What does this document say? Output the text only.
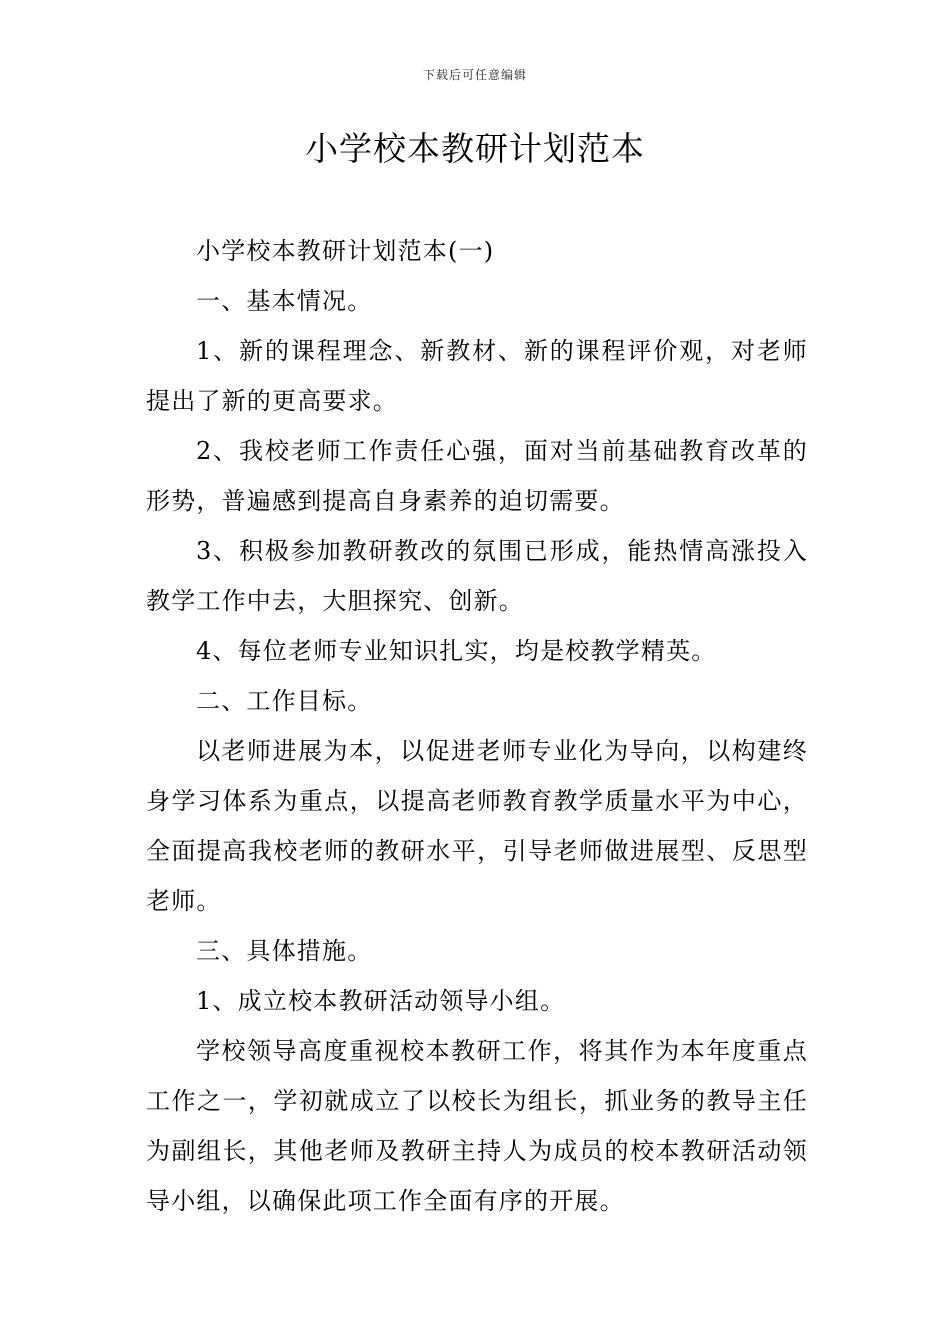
下载后可任意编辑
小学校本教研计划范本

小学校本教研计划范本(一)

一、基本情况。

1、新的课程理念、新教材、新的课程评价观，对老师提出了新的更高要求。

2、我校老师工作责任心强，面对当前基础教育改革的形势，普遍感到提高自身素养的迫切需要。

3、积极参加教研教改的氛围已形成，能热情高涨投入教学工作中去，大胆探究、创新。

4、每位老师专业知识扎实，均是校教学精英。

二、工作目标。

以老师进展为本，以促进老师专业化为导向，以构建终身学习体系为重点，以提高老师教育教学质量水平为中心，全面提高我校老师的教研水平，引导老师做进展型、反思型老师。

三、具体措施。

1、成立校本教研活动领导小组。

学校领导高度重视校本教研工作，将其作为本年度重点工作之一，学初就成立了以校长为组长，抓业务的教导主任为副组长，其他老师及教研主持人为成员的校本教研活动领导小组，以确保此项工作全面有序的开展。
